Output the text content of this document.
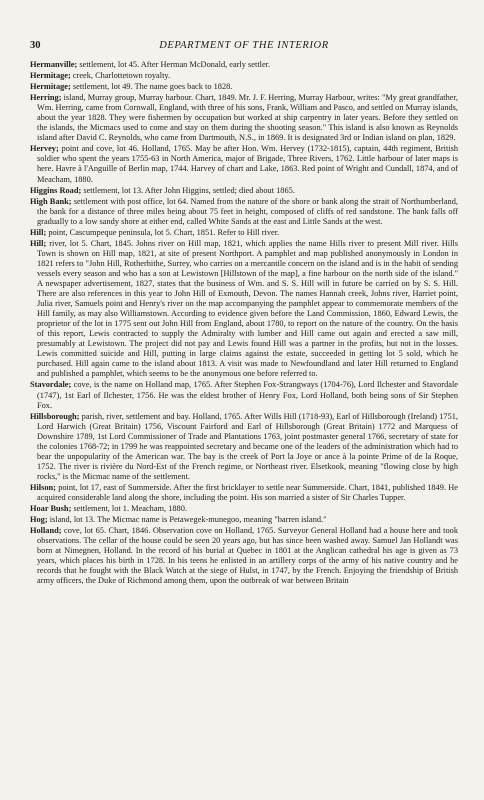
30	DEPARTMENT OF THE INTERIOR

Hermanville; settlement, lot 45. After Herman McDonald, early settler.

Hermitage; creek, Charlottetown royalty.

Hermitage; settlement, lot 49. The name goes back to 1828.

Herring; island, Murray group, Murray harbour. Chart, 1849. Mr. J. F. Herring, Murray Harbour, writes: "My great grandfather, Wm. Herring, came from Cornwall, England, with three of his sons, Frank, William and Pasco, and settled on Murray islands, about the year 1828. They were fishermen by occupation but worked at ship carpentry in later years. Before they settled on the islands, the Micmacs used to come and stay on them during the shooting season." This island is also known as Reynolds island after David C. Reynolds, who came from Dartmouth, N.S., in 1869. It is designated 3rd or Indian island on plan, 1829.

Hervey; point and cove, lot 46. Holland, 1765. May be after Hon. Wm. Hervey (1732-1815), captain, 44th regiment, British soldier who spent the years 1755-63 in North America, major of Brigade, Three Rivers, 1762. Little harbour of later maps is here. Havre à l'Anguille of Berlin map, 1744. Harvey of chart and Lake, 1863. Red point of Wright and Cundall, 1874, and of Meacham, 1880.

Higgins Road; settlement, lot 13. After John Higgins, settled; died about 1865.

High Bank; settlement with post office, lot 64. Named from the nature of the shore or bank along the strait of Northumberland, the bank for a distance of three miles being about 75 feet in height, composed of cliffs of red sandstone. The bank falls off gradually to a low sandy shore at either end, called White Sands at the east and Little Sands at the west.

Hill; point, Cascumpeque peninsula, lot 5. Chart, 1851. Refer to Hill river.

Hill; river, lot 5. Chart, 1845. Johns river on Hill map, 1821, which applies the name Hills river to present Mill river. Hills Town is shown on Hill map, 1821, at site of present Northport. A pamphlet and map published anonymously in London in 1821 refers to "John Hill, Rotherhithe, Surrey, who carries on a mercantile concern on the island and is in the habit of sending vessels every season and who has a son at Lewistown [Hillstown of the map], a fine harbour on the north side of the island." A newspaper advertisement, 1827, states that the business of Wm. and S. S. Hill will in future be carried on by S. S. Hill. There are also references in this year to John Hill of Exmouth, Devon. The names Hannah creek, Johns river, Harriet point, Julia river, Samuels point and Henry's river on the map accompanying the pamphlet appear to commemorate members of the Hill family, as may also Williamstown. According to evidence given before the Land Commission, 1860, Edward Lewis, the proprietor of the lot in 1775 sent out John Hill from England, about 1780, to report on the nature of the country. On the basis of this report, Lewis contracted to supply the Admiralty with lumber and Hill came out again and erected a saw mill, presumably at Lewistown. The project did not pay and Lewis found Hill was a partner in the profits, but not in the losses. Lewis committed suicide and Hill, putting in large claims against the estate, succeeded in getting lot 5 sold, which he purchased. Hill again came to the island about 1813. A visit was made to Newfoundland and later Hill returned to England and published a pamphlet, which seems to be the anonymous one before referred to.

Stavordale; cove, is the name on Holland map, 1765. After Stephen Fox-Strangways (1704-76), Lord Ilchester and Stavordale (1747), 1st Earl of Ilchester, 1756. He was the eldest brother of Henry Fox, Lord Holland, both being sons of Sir Stephen Fox.

Hillsborough; parish, river, settlement and bay. Holland, 1765. After Wills Hill (1718-93), Earl of Hillsborough (Ireland) 1751, Lord Harwich (Great Britain) 1756, Viscount Fairford and Earl of Hillsborough (Great Britain) 1772 and Marquess of Downshire 1789, 1st Lord Commissioner of Trade and Plantations 1763, joint postmaster general 1766, secretary of state for the colonies 1768-72; in 1799 he was reappointed secretary and became one of the leaders of the administration which had to bear the unpopularity of the American war. The bay is the creek of Port la Joye or ance à la pointe Prime of de la Roque, 1752. The river is rivière du Nord-Est of the French regime, or Northeast river. Elsetkook, meaning "flowing close by high rocks," is the Micmac name of the settlement.

Hilson; point, lot 17, east of Summerside. After the first bricklayer to settle near Summerside. Chart, 1841, published 1849. He acquired considerable land along the shore, including the point. His son married a sister of Sir Charles Tupper.

Hoar Bush; settlement, lot 1. Meacham, 1880.

Hog; island, lot 13. The Micmac name is Petawegek-munegoo, meaning "barren island."

Holland; cove, lot 65. Chart, 1846. Observation cove on Holland, 1765. Surveyor General Holland had a house here and took observations. The cellar of the house could be seen 20 years ago, but has since been washed away. Samuel Jan Hollandt was born at Nimegnen, Holland. In the record of his burial at Quebec in 1801 at the Anglican cathedral his age is given as 73 years, which places his birth in 1728. In his teens he enlisted in an artillery corps of the army of his native country and he records that he fought with the Black Watch at the siege of Hulst, in 1747, by the French. Enjoying the friendship of British army officers, the Duke of Richmond among them, upon the outbreak of war between Britain
